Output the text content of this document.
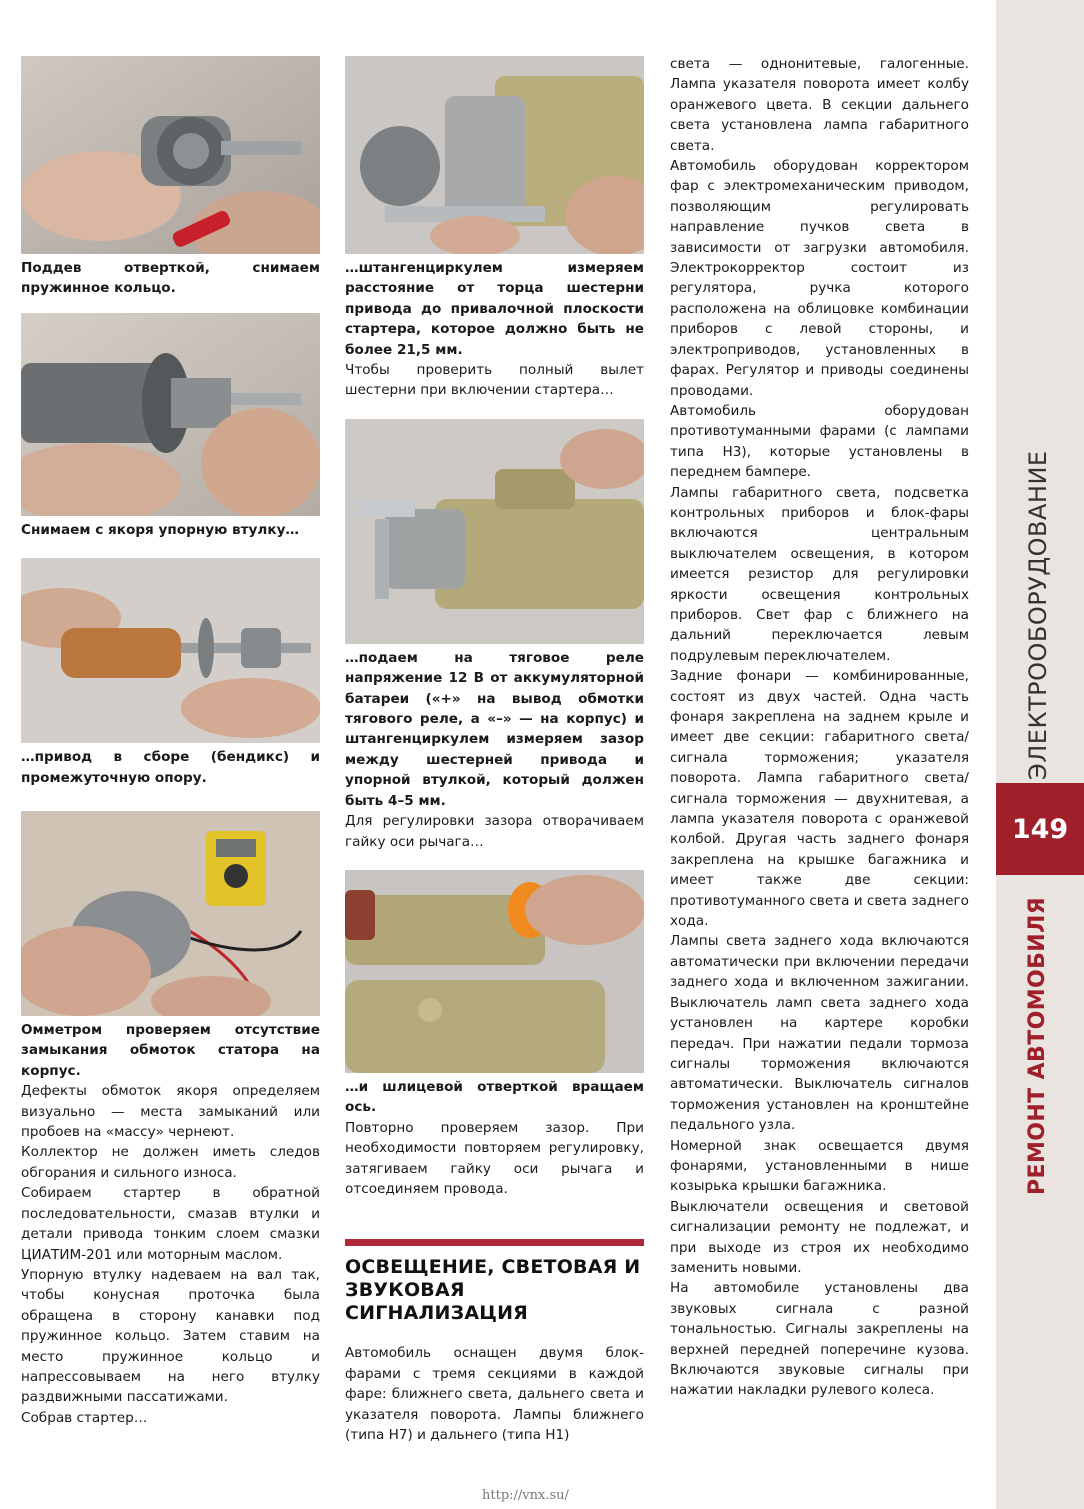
Поддев отверткой, снимаем пружинное кольцо.

Снимаем с якоря упорную втулку…

…привод в сборе (бендикс) и промежуточную опору.

Омметром проверяем отсутствие замыкания обмоток статора на корпус.

Дефекты обмоток якоря определяем визуально — места замыканий или пробоев на «массу» чернеют.

Коллектор не должен иметь следов обгорания и сильного износа.

Собираем стартер в обратной последовательности, смазав втулки и детали привода тонким слоем смазки ЦИАТИМ-201 или моторным маслом.

Упорную втулку надеваем на вал так, чтобы конусная проточка была обращена в сторону канавки под пружинное кольцо. Затем ставим на место пружинное кольцо и напрессовываем на него втулку раздвижными пассатижами.

Собрав стартер…

…штангенциркулем измеряем расстояние от торца шестерни привода до привалочной плоскости стартера, которое должно быть не более 21,5 мм.

Чтобы проверить полный вылет шестерни при включении стартера…

…подаем на тяговое реле напряжение 12 В от аккумуляторной батареи («+» на вывод обмотки тягового реле, а «–» — на корпус) и штангенциркулем измеряем зазор между шестерней привода и упорной втулкой, который должен быть 4–5 мм.

Для регулировки зазора отворачиваем гайку оси рычага…

…и шлицевой отверткой вращаем ось.

Повторно проверяем зазор. При необходимости повторяем регулировку, затягиваем гайку оси рычага и отсоединяем провода.

ОСВЕЩЕНИЕ, СВЕТОВАЯ И ЗВУКОВАЯ СИГНАЛИЗАЦИЯ

Автомобиль оснащен двумя блок-фарами с тремя секциями в каждой фаре: ближнего света, дальнего света и указателя поворота. Лампы ближнего (типа H7) и дальнего (типа H1)

света — однонитевые, галогенные. Лампа указателя поворота имеет колбу оранжевого цвета. В секции дальнего света установлена лампа габаритного света.

Автомобиль оборудован корректором фар с электромеханическим приводом, позволяющим регулировать направление пучков света в зависимости от загрузки автомобиля. Электрокорректор состоит из регулятора, ручка которого расположена на облицовке комбинации приборов с левой стороны, и электроприводов, установленных в фарах. Регулятор и приводы соединены проводами.

Автомобиль оборудован противотуманными фарами (с лампами типа H3), которые установлены в переднем бампере.

Лампы габаритного света, подсветка контрольных приборов и блок-фары включаются центральным выключателем освещения, в котором имеется резистор для регулировки яркости освещения контрольных приборов. Свет фар с ближнего на дальний переключается левым подрулевым переключателем.

Задние фонари — комбинированные, состоят из двух частей. Одна часть фонаря закреплена на заднем крыле и имеет две секции: габаритного света/сигнала торможения; указателя поворота. Лампа габаритного света/сигнала торможения — двухнитевая, а лампа указателя поворота с оранжевой колбой. Другая часть заднего фонаря закреплена на крышке багажника и имеет также две секции: противотуманного света и света заднего хода.

Лампы света заднего хода включаются автоматически при включении передачи заднего хода и включенном зажигании. Выключатель ламп света заднего хода установлен на картере коробки передач. При нажатии педали тормоза сигналы торможения включаются автоматически. Выключатель сигналов торможения установлен на кронштейне педального узла.

Номерной знак освещается двумя фонарями, установленными в нише козырька крышки багажника.

Выключатели освещения и световой сигнализации ремонту не подлежат, и при выходе из строя их необходимо заменить новыми.

На автомобиле установлены два звуковых сигнала с разной тональностью. Сигналы закреплены на верхней передней поперечине кузова. Включаются звуковые сигналы при нажатии накладки рулевого колеса.

ЭЛЕКТРООБОРУДОВАНИЕ
149
РЕМОНТ АВТОМОБИЛЯ
http://vnx.su/
